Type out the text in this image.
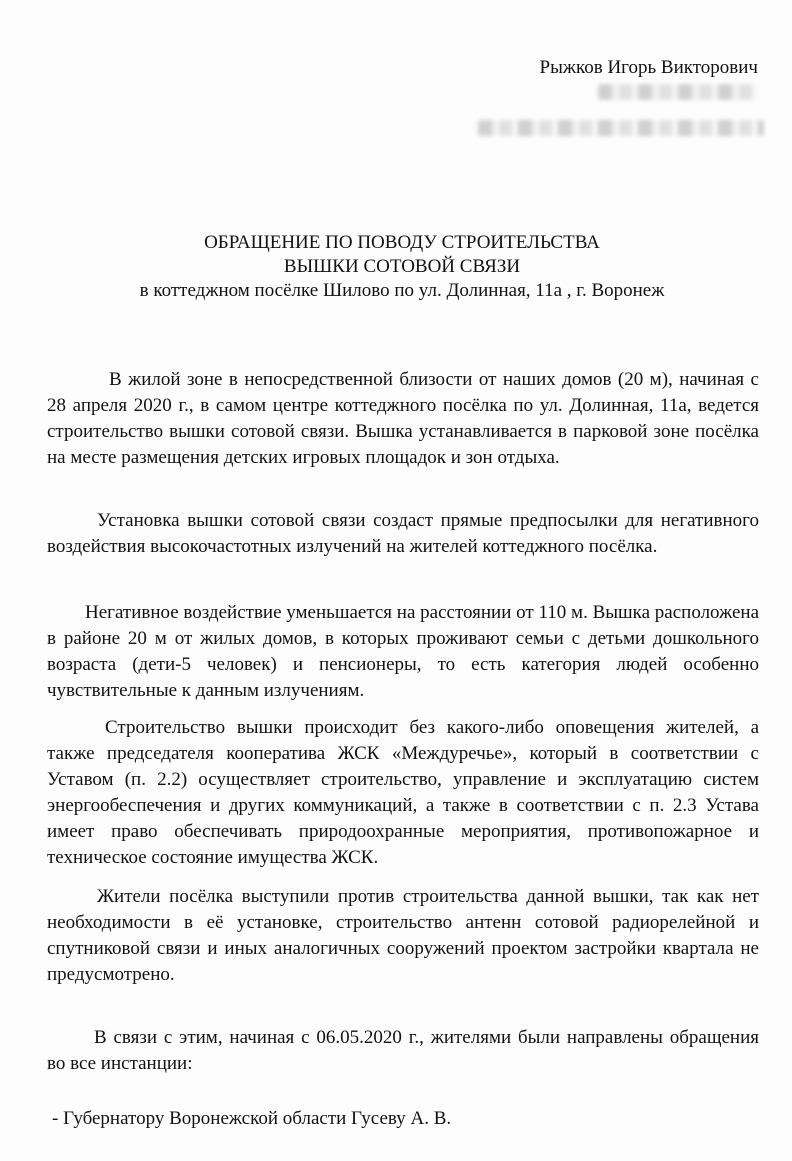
Рыжков Игорь Викторович
ОБРАЩЕНИЕ ПО ПОВОДУ СТРОИТЕЛЬСТВА
ВЫШКИ СОТОВОЙ СВЯЗИ
в коттеджном посёлке Шилово по ул. Долинная, 11а , г. Воронеж

В жилой зоне в непосредственной близости от наших домов (20 м), начиная с 28 апреля 2020 г., в самом центре коттеджного посёлка по ул. Долинная, 11а, ведется строительство вышки сотовой связи. Вышка устанавливается в парковой зоне посёлка на месте размещения детских игровых площадок и зон отдыха.

Установка вышки сотовой связи создаст прямые предпосылки для негативного воздействия высокочастотных излучений на жителей коттеджного посёлка.

Негативное воздействие уменьшается на расстоянии от 110 м. Вышка расположена в районе 20 м от жилых домов, в которых проживают семьи с детьми дошкольного возраста (дети-5 человек) и пенсионеры, то есть категория людей особенно чувствительные к данным излучениям.

Строительство вышки происходит без какого-либо оповещения жителей, а также председателя кооператива ЖСК «Междуречье», который в соответствии с Уставом (п. 2.2) осуществляет строительство, управление и эксплуатацию систем энергообеспечения и других коммуникаций, а также в соответствии с п. 2.3 Устава имеет право обеспечивать природоохранные мероприятия, противопожарное и техническое состояние имущества ЖСК.

Жители посёлка выступили против строительства данной вышки, так как нет необходимости в её установке, строительство антенн сотовой радиорелейной и спутниковой связи и иных аналогичных сооружений проектом застройки квартала не предусмотрено.

В связи с этим, начиная с 06.05.2020 г., жителями были направлены обращения во все инстанции:

- Губернатору Воронежской области Гусеву А. В.
